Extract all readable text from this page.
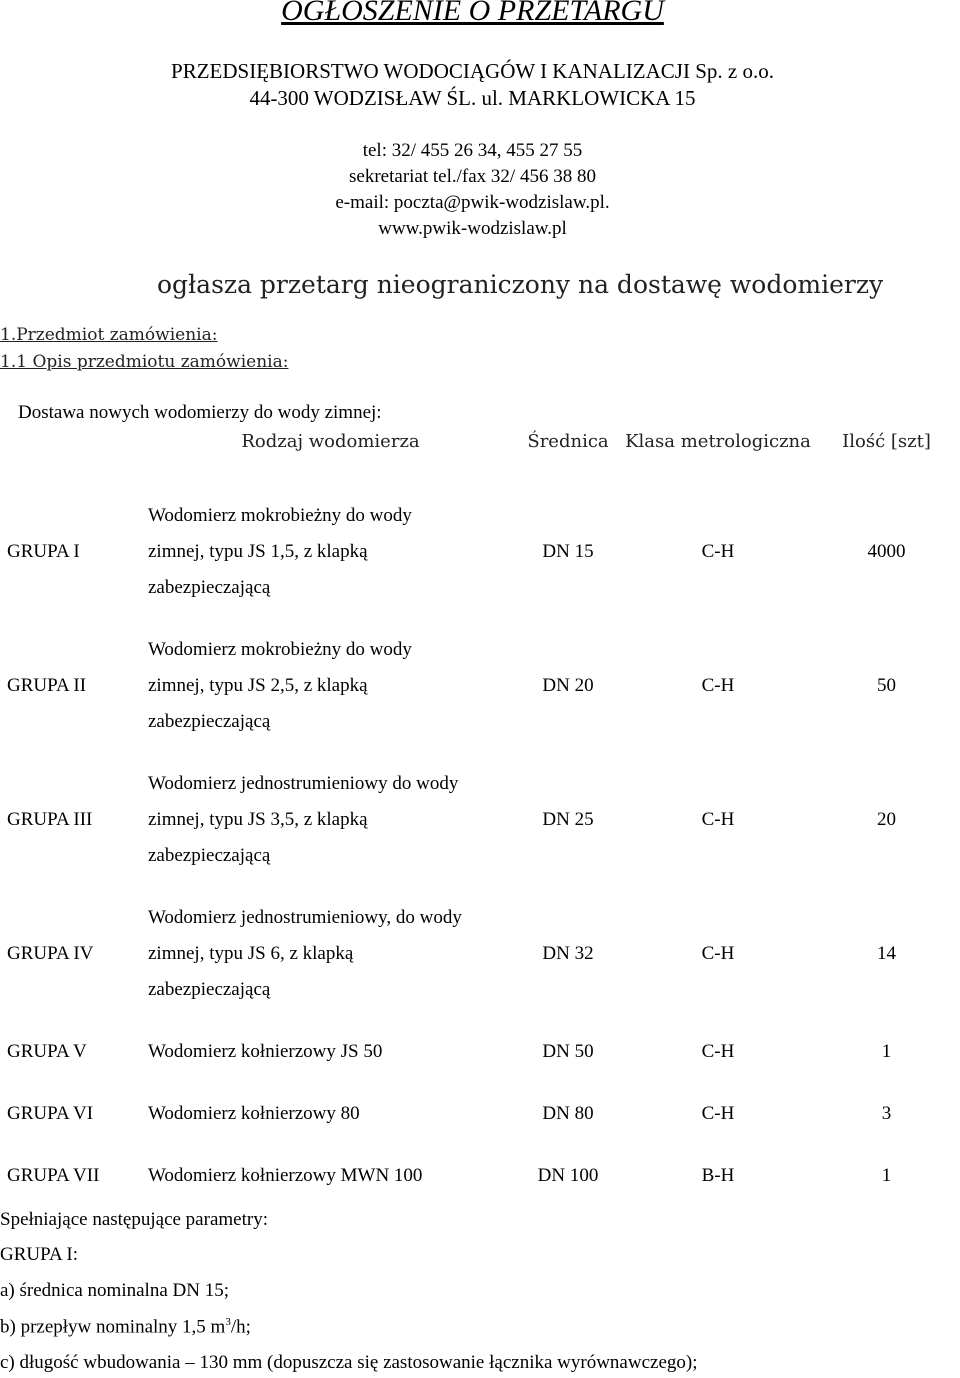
OGŁOSZENIE O PRZETARGU
PRZEDSIĘBIORSTWO WODOCIĄGÓW I KANALIZACJI Sp. z o.o.
44-300 WODZISŁAW ŚL. ul. MARKLOWICKA 15
tel: 32/ 455 26 34, 455 27 55
sekretariat tel./fax 32/ 456 38 80
e-mail: poczta@pwik-wodzislaw.pl.
www.pwik-wodzislaw.pl
ogłasza przetarg nieograniczony na dostawę wodomierzy
1.Przedmiot zamówienia:
1.1 Opis przedmiotu zamówienia:
Dostawa nowych wodomierzy do wody zimnej:
	Rodzaj wodomierza	Średnica	Klasa metrologiczna	Ilość [szt]

GRUPA I	Wodomierz mokrobieżny do wody
zimnej, typu JS 1,5, z klapką
zabezpieczającą	DN 15	C-H	4000
GRUPA II	Wodomierz mokrobieżny do wody
zimnej, typu JS 2,5, z klapką
zabezpieczającą	DN 20	C-H	50
GRUPA III	Wodomierz jednostrumieniowy do wody
zimnej, typu JS 3,5, z klapką
zabezpieczającą	DN 25	C-H	20
GRUPA IV	Wodomierz jednostrumieniowy, do wody
zimnej, typu JS 6, z klapką
zabezpieczającą	DN 32	C-H	14
GRUPA V	Wodomierz kołnierzowy JS 50	DN 50	C-H	1
GRUPA VI	Wodomierz kołnierzowy 80	DN 80	C-H	3
GRUPA VII	Wodomierz kołnierzowy MWN 100	DN 100	B-H	1
Spełniające następujące parametry:
GRUPA I:
a) średnica nominalna DN 15;
b) przepływ nominalny 1,5 $m^3/h$;
c) długość wbudowania – 130 mm (dopuszcza się zastosowanie łącznika wyrównawczego);
